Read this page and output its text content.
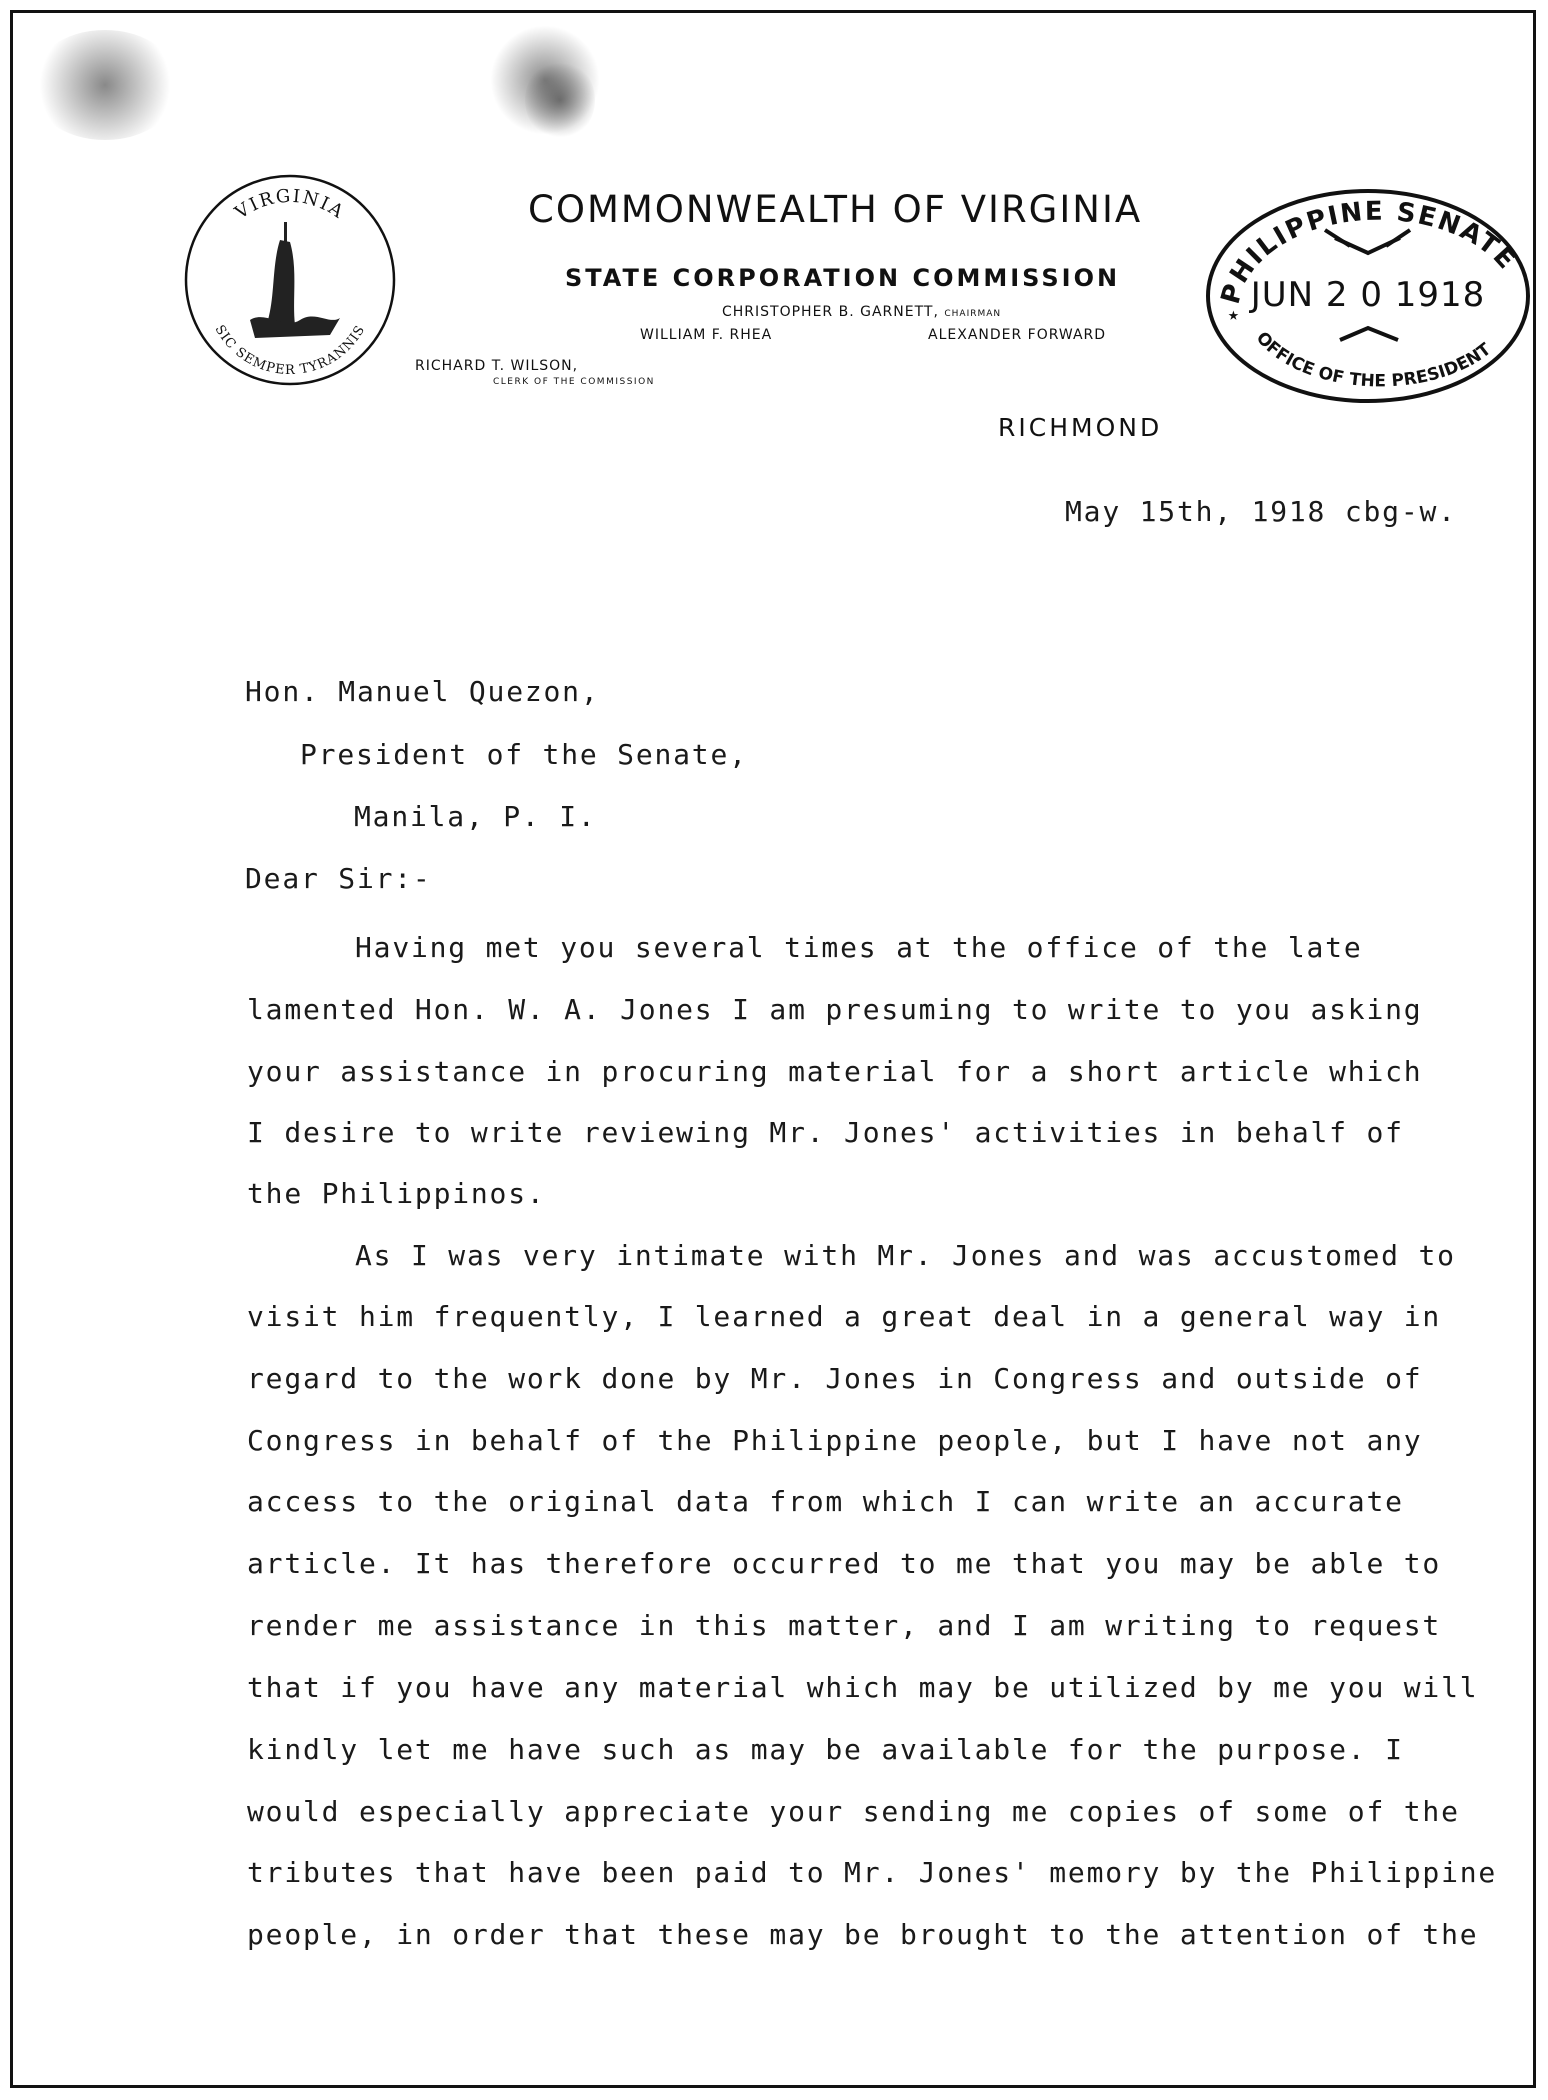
VIRGINIA
SIC SEMPER TYRANNIS
COMMONWEALTH OF VIRGINIA
STATE CORPORATION COMMISSION
CHRISTOPHER B. GARNETT, CHAIRMAN
WILLIAM F. RHEA	ALEXANDER FORWARD
RICHARD T. WILSON,
CLERK OF THE COMMISSION
RICHMOND
PHILIPPINE SENATE
JUN 2 0 1918
OFFICE OF THE PRESIDENT
★
May 15th, 1918 cbg-w.
Hon. Manuel Quezon,
President of the Senate,
Manila, P. I.
Dear Sir:-
Having met you several times at the office of the late
lamented Hon. W. A. Jones I am presuming to write to you asking
your assistance in procuring material for a short article which
I desire to write reviewing Mr. Jones' activities in behalf of
the Philippinos.
As I was very intimate with Mr. Jones and was accustomed to
visit him frequently, I learned a great deal in a general way in
regard to the work done by Mr. Jones in Congress and outside of
Congress in behalf of the Philippine people, but I have not any
access to the original data from which I can write an accurate
article. It has therefore occurred to me that you may be able to
render me assistance in this matter, and I am writing to request
that if you have any material which may be utilized by me you will
kindly let me have such as may be available for the purpose. I
would especially appreciate your sending me copies of some of the
tributes that have been paid to Mr. Jones' memory by the Philippine
people, in order that these may be brought to the attention of the
